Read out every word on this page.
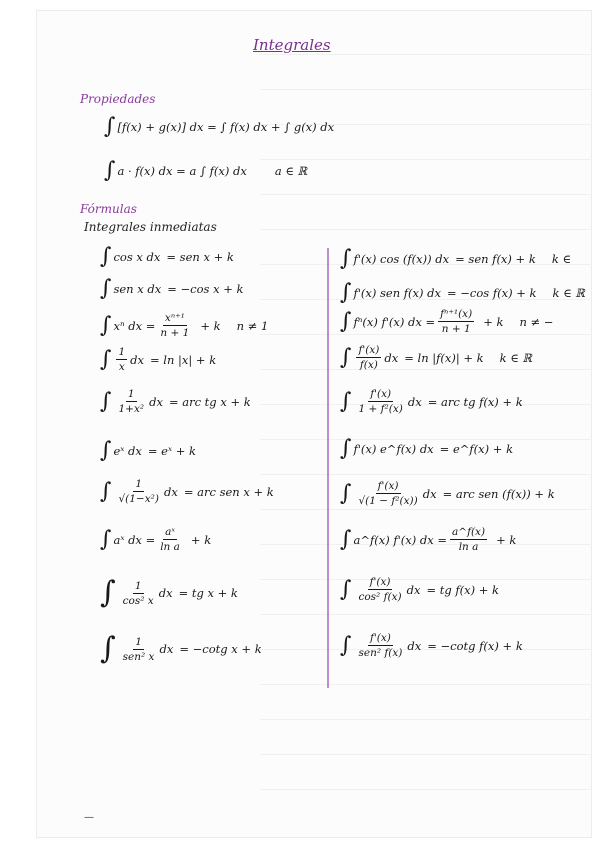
Integrales
Propiedades
∫ [f(x) + g(x)] dx = ∫ f(x) dx + ∫ g(x) dx
∫ a · f(x) dx = a ∫ f(x) dx a ∈ ℝ
Fórmulas
Integrales inmediatas
—
∫ cos x dx = sen x + k
∫ sen x dx = −cos x + k
∫ xⁿ dx = $\frac{\text{xⁿ⁺¹}}{n + 1} + k$ n ≠ 1
∫ $\frac{1}{x}$ dx = ln |x| + k
∫ $\frac{1}{\text{1+x²}}$ dx = arc tg x + k
∫ eˣ dx = eˣ + k
∫ $\frac{1}{\text{√(1−x²)}}$ dx = arc sen x + k
∫ aˣ dx = $\frac{\text{aˣ}}{\text{ln a}} + k$
∫ $\frac{1}{\text{cos² x}}$ dx = tg x + k
∫ $\frac{1}{\text{sen² x}}$ dx = −cotg x + k
∫ f'(x) cos (f(x)) dx = sen f(x) + k k ∈
∫ f'(x) sen f(x) dx = −cos f(x) + k k ∈ ℝ
∫ fⁿ(x) f'(x) dx = $\frac{\text{fⁿ⁺¹(x)}}{n + 1} + k$ n ≠ −
∫ $\frac{f'(x)}{f(x)}$ dx = ln |f(x)| + k k ∈ ℝ
∫ $\frac{f'(x)}{\text{1 + f²(x)}}$ dx = arc tg f(x) + k
∫ f'(x) e^f(x) dx = e^f(x) + k
∫ $\frac{f'(x)}{\text{√(1 − f²(x))}}$ dx = arc sen (f(x)) + k
∫ a^f(x) f'(x) dx = $\frac{a\^{}f(x)}{\text{ln a}} + k$
∫ $\frac{f'(x)}{\text{cos² f(x)}}$ dx = tg f(x) + k
∫ $\frac{f'(x)}{\text{sen² f(x)}}$ dx = −cotg f(x) + k
